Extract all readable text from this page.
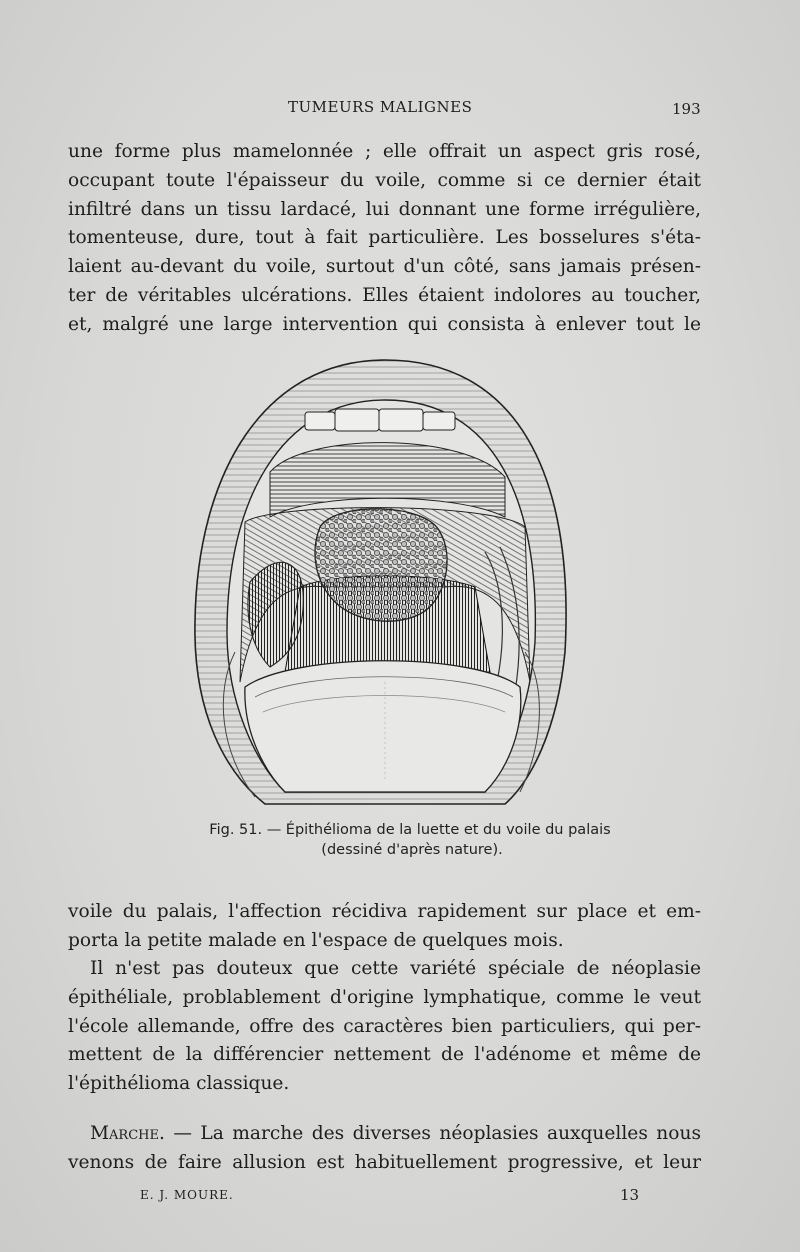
TUMEURS MALIGNES	193
une forme plus mamelonnée ; elle offrait un aspect gris rosé,
occupant toute l'épaisseur du voile, comme si ce dernier était
infiltré dans un tissu lardacé, lui donnant une forme irrégulière,
tomenteuse, dure, tout à fait particulière. Les bosselures s'éta-
laient au-devant du voile, surtout d'un côté, sans jamais présen-
ter de véritables ulcérations. Elles étaient indolores au toucher,
et, malgré une large intervention qui consista à enlever tout le
Fig. 51. — Épithélioma de la luette et du voile du palais
(dessiné d'après nature).
voile du palais, l'affection récidiva rapidement sur place et em-
porta la petite malade en l'espace de quelques mois.
Il n'est pas douteux que cette variété spéciale de néoplasie
épithéliale, problablement d'origine lymphatique, comme le veut
l'école allemande, offre des caractères bien particuliers, qui per-
mettent de la différencier nettement de l'adénome et même de
l'épithélioma classique.
Marche. — La marche des diverses néoplasies auxquelles nous
venons de faire allusion est habituellement progressive, et leur
E. J. MOURE.	13
